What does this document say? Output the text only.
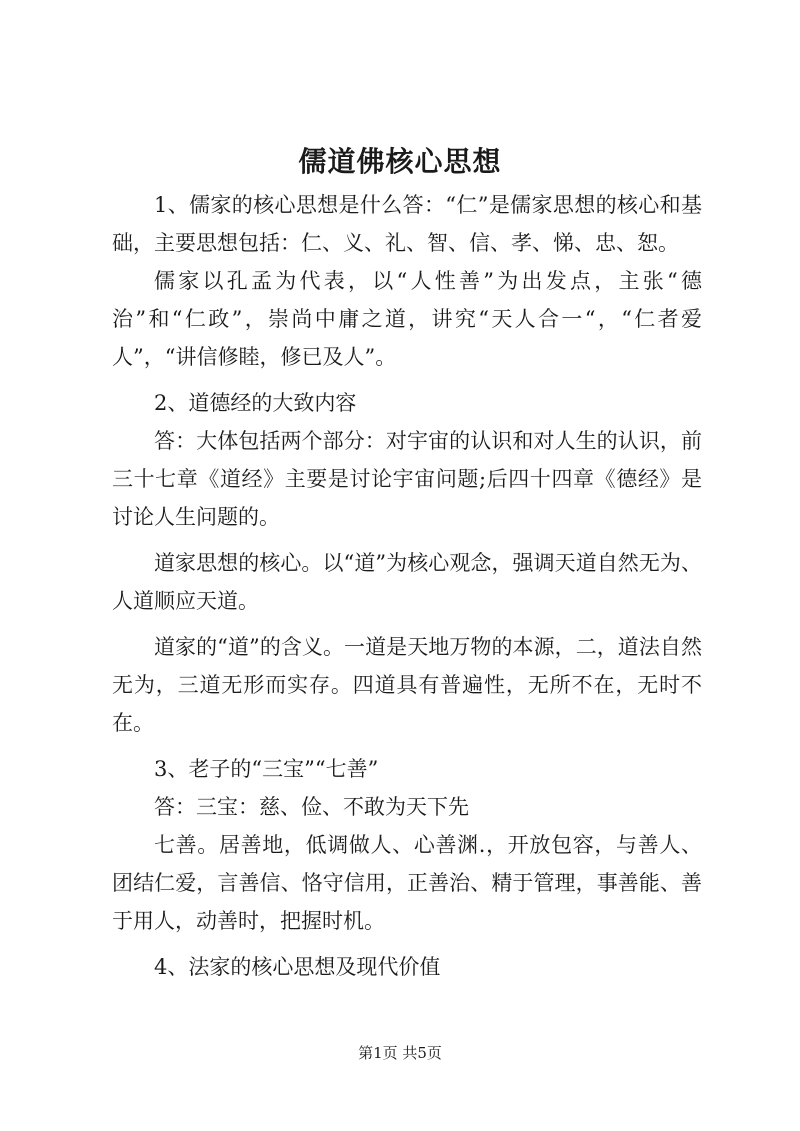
儒道佛核心思想

1、儒家的核心思想是什么答：“仁”是儒家思想的核心和基础，主要思想包括：仁、义、礼、智、信、孝、悌、忠、恕。

儒家以孔孟为代表，以“人性善”为出发点，主张“德治”和“仁政”，崇尚中庸之道，讲究“天人合一“，“仁者爱人”，“讲信修睦，修已及人”。

2、道德经的大致内容

答：大体包括两个部分：对宇宙的认识和对人生的认识，前三十七章《道经》主要是讨论宇宙问题;后四十四章《德经》是讨论人生问题的。

道家思想的核心。以“道”为核心观念，强调天道自然无为、人道顺应天道。

道家的“道”的含义。一道是天地万物的本源，二，道法自然无为，三道无形而实存。四道具有普遍性，无所不在，无时不在。

3、老子的“三宝”“七善”

答：三宝：慈、俭、不敢为天下先

七善。居善地，低调做人、心善渊.，开放包容，与善人、团结仁爱，言善信、恪守信用，正善治、精于管理，事善能、善于用人，动善时，把握时机。

4、法家的核心思想及现代价值

第1页 共5页
